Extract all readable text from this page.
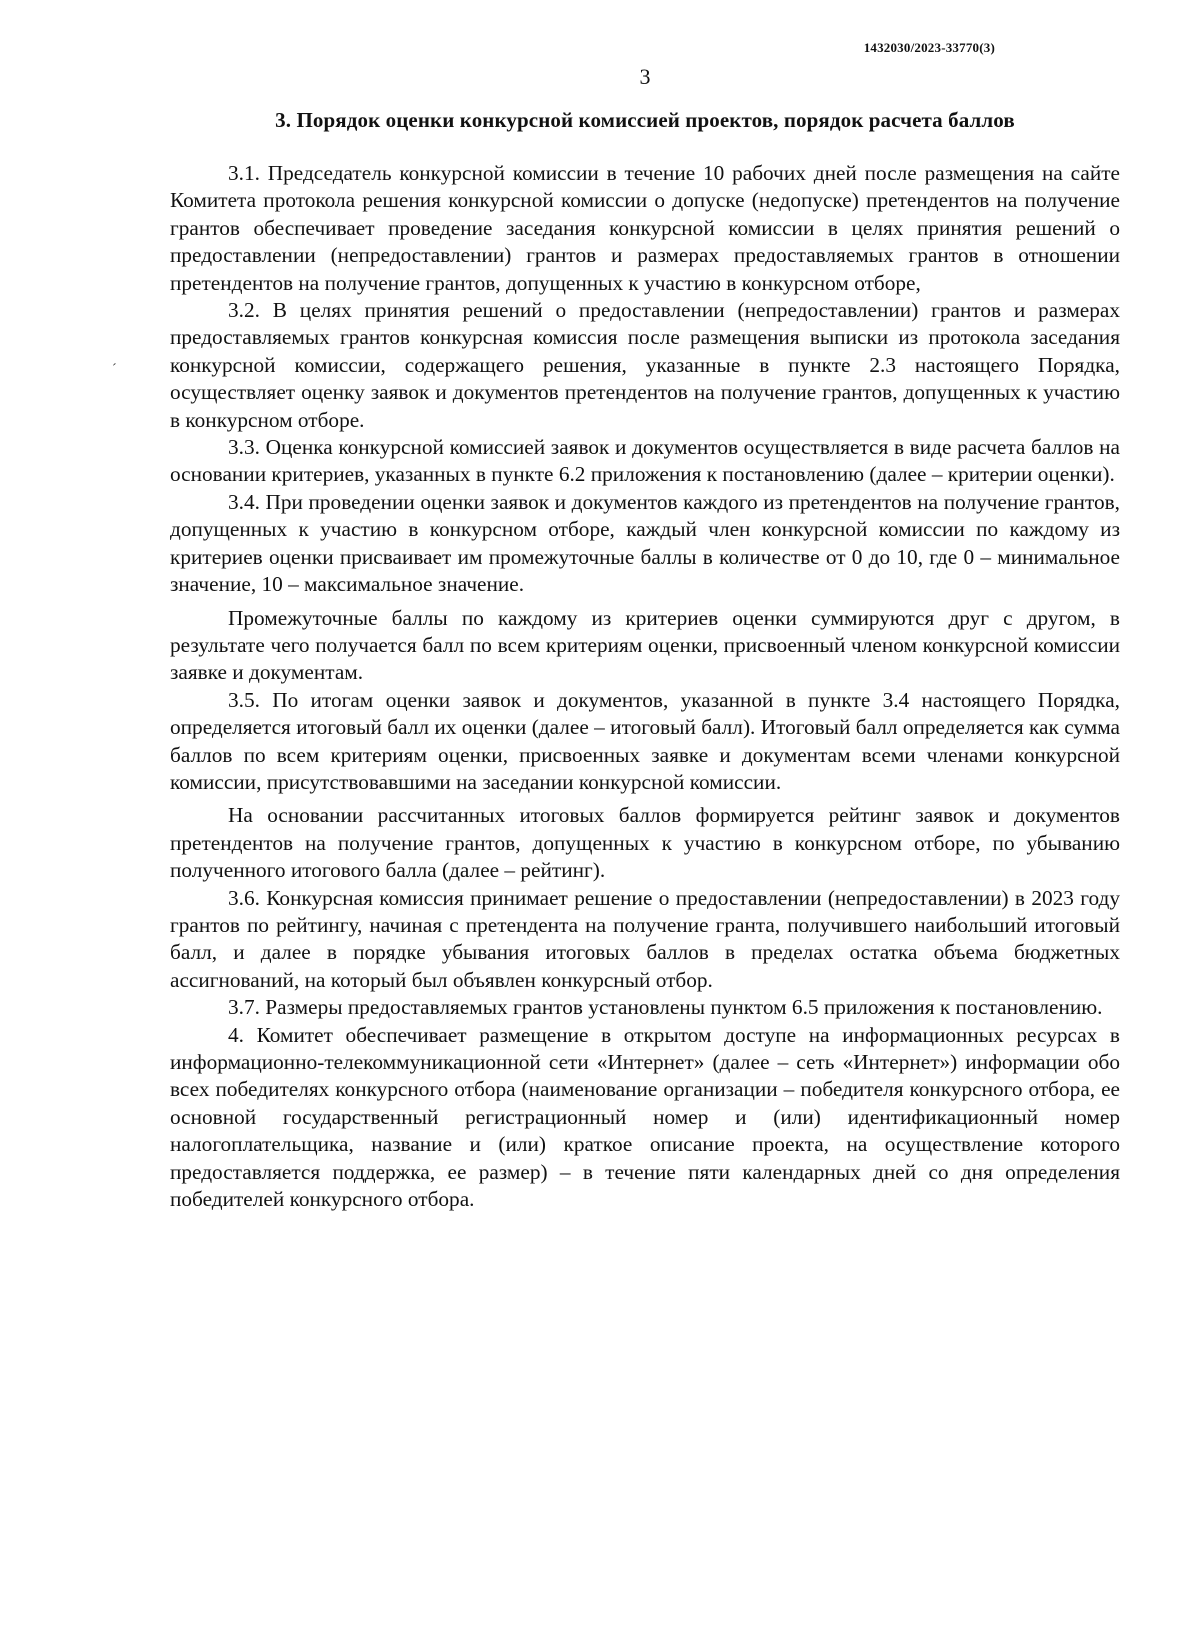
1432030/2023-33770(3)
3
3. Порядок оценки конкурсной комиссией проектов, порядок расчета баллов
ˊ

3.1. Председатель конкурсной комиссии в течение 10 рабочих дней после размещения на сайте Комитета протокола решения конкурсной комиссии о допуске (недопуске) претендентов на получение грантов обеспечивает проведение заседания конкурсной комиссии в целях принятия решений о предоставлении (непредоставлении) грантов и размерах предоставляемых грантов в отношении претендентов на получение грантов, допущенных к участию в конкурсном отборе,

3.2. В целях принятия решений о предоставлении (непредоставлении) грантов и размерах предоставляемых грантов конкурсная комиссия после размещения выписки из протокола заседания конкурсной комиссии, содержащего решения, указанные в пункте 2.3 настоящего Порядка, осуществляет оценку заявок и документов претендентов на получение грантов, допущенных к участию в конкурсном отборе.

3.3. Оценка конкурсной комиссией заявок и документов осуществляется в виде расчета баллов на основании критериев, указанных в пункте 6.2 приложения к постановлению (далее – критерии оценки).

3.4. При проведении оценки заявок и документов каждого из претендентов на получение грантов, допущенных к участию в конкурсном отборе, каждый член конкурсной комиссии по каждому из критериев оценки присваивает им промежуточные баллы в количестве от 0 до 10, где 0 – минимальное значение, 10 – максимальное значение.

Промежуточные баллы по каждому из критериев оценки суммируются друг с другом, в результате чего получается балл по всем критериям оценки, присвоенный членом конкурсной комиссии заявке и документам.

3.5. По итогам оценки заявок и документов, указанной в пункте 3.4 настоящего Порядка, определяется итоговый балл их оценки (далее – итоговый балл). Итоговый балл определяется как сумма баллов по всем критериям оценки, присвоенных заявке и документам всеми членами конкурсной комиссии, присутствовавшими на заседании конкурсной комиссии.

На основании рассчитанных итоговых баллов формируется рейтинг заявок и документов претендентов на получение грантов, допущенных к участию в конкурсном отборе, по убыванию полученного итогового балла (далее – рейтинг).

3.6. Конкурсная комиссия принимает решение о предоставлении (непредоставлении) в 2023 году грантов по рейтингу, начиная с претендента на получение гранта, получившего наибольший итоговый балл, и далее в порядке убывания итоговых баллов в пределах остатка объема бюджетных ассигнований, на который был объявлен конкурсный отбор.

3.7. Размеры предоставляемых грантов установлены пунктом 6.5 приложения к постановлению.

4. Комитет обеспечивает размещение в открытом доступе на информационных ресурсах в информационно-телекоммуникационной сети «Интернет» (далее – сеть «Интернет») информации обо всех победителях конкурсного отбора (наименование организации – победителя конкурсного отбора, ее основной государственный регистрационный номер и (или) идентификационный номер налогоплательщика, название и (или) краткое описание проекта, на осуществление которого предоставляется поддержка, ее размер) – в течение пяти календарных дней со дня определения победителей конкурсного отбора.
